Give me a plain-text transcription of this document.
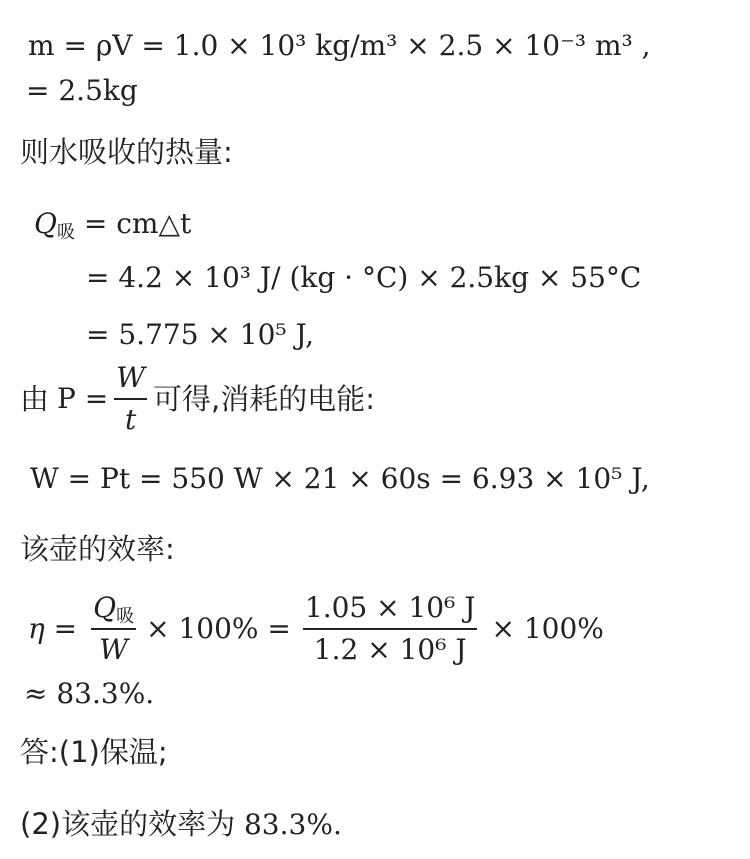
m = ρV = 1.0 × 10³ kg/m³ × 2.5 × 10⁻³ m³ ,
= 2.5kg
则水吸收的热量:
Q吸 = cm△t
= 4.2 × 10³ J/ (kg · °C) × 2.5kg × 55°C
= 5.775 × 10⁵ J,
由 $P = \frac{W}{t}$ 可得,消耗的电能:
W = Pt = 550 W × 21 × 60s = 6.93 × 10⁵ J,
该壶的效率:
$\eta = \frac{\text{Q吸}}{W} \times 100\% = \frac{\text{1.05 × 10⁶ J}}{\text{1.2 × 10⁶ J}} \times 100\%$
≈ 83.3%.
答:(1)保温;
(2)该壶的效率为 83.3%.
